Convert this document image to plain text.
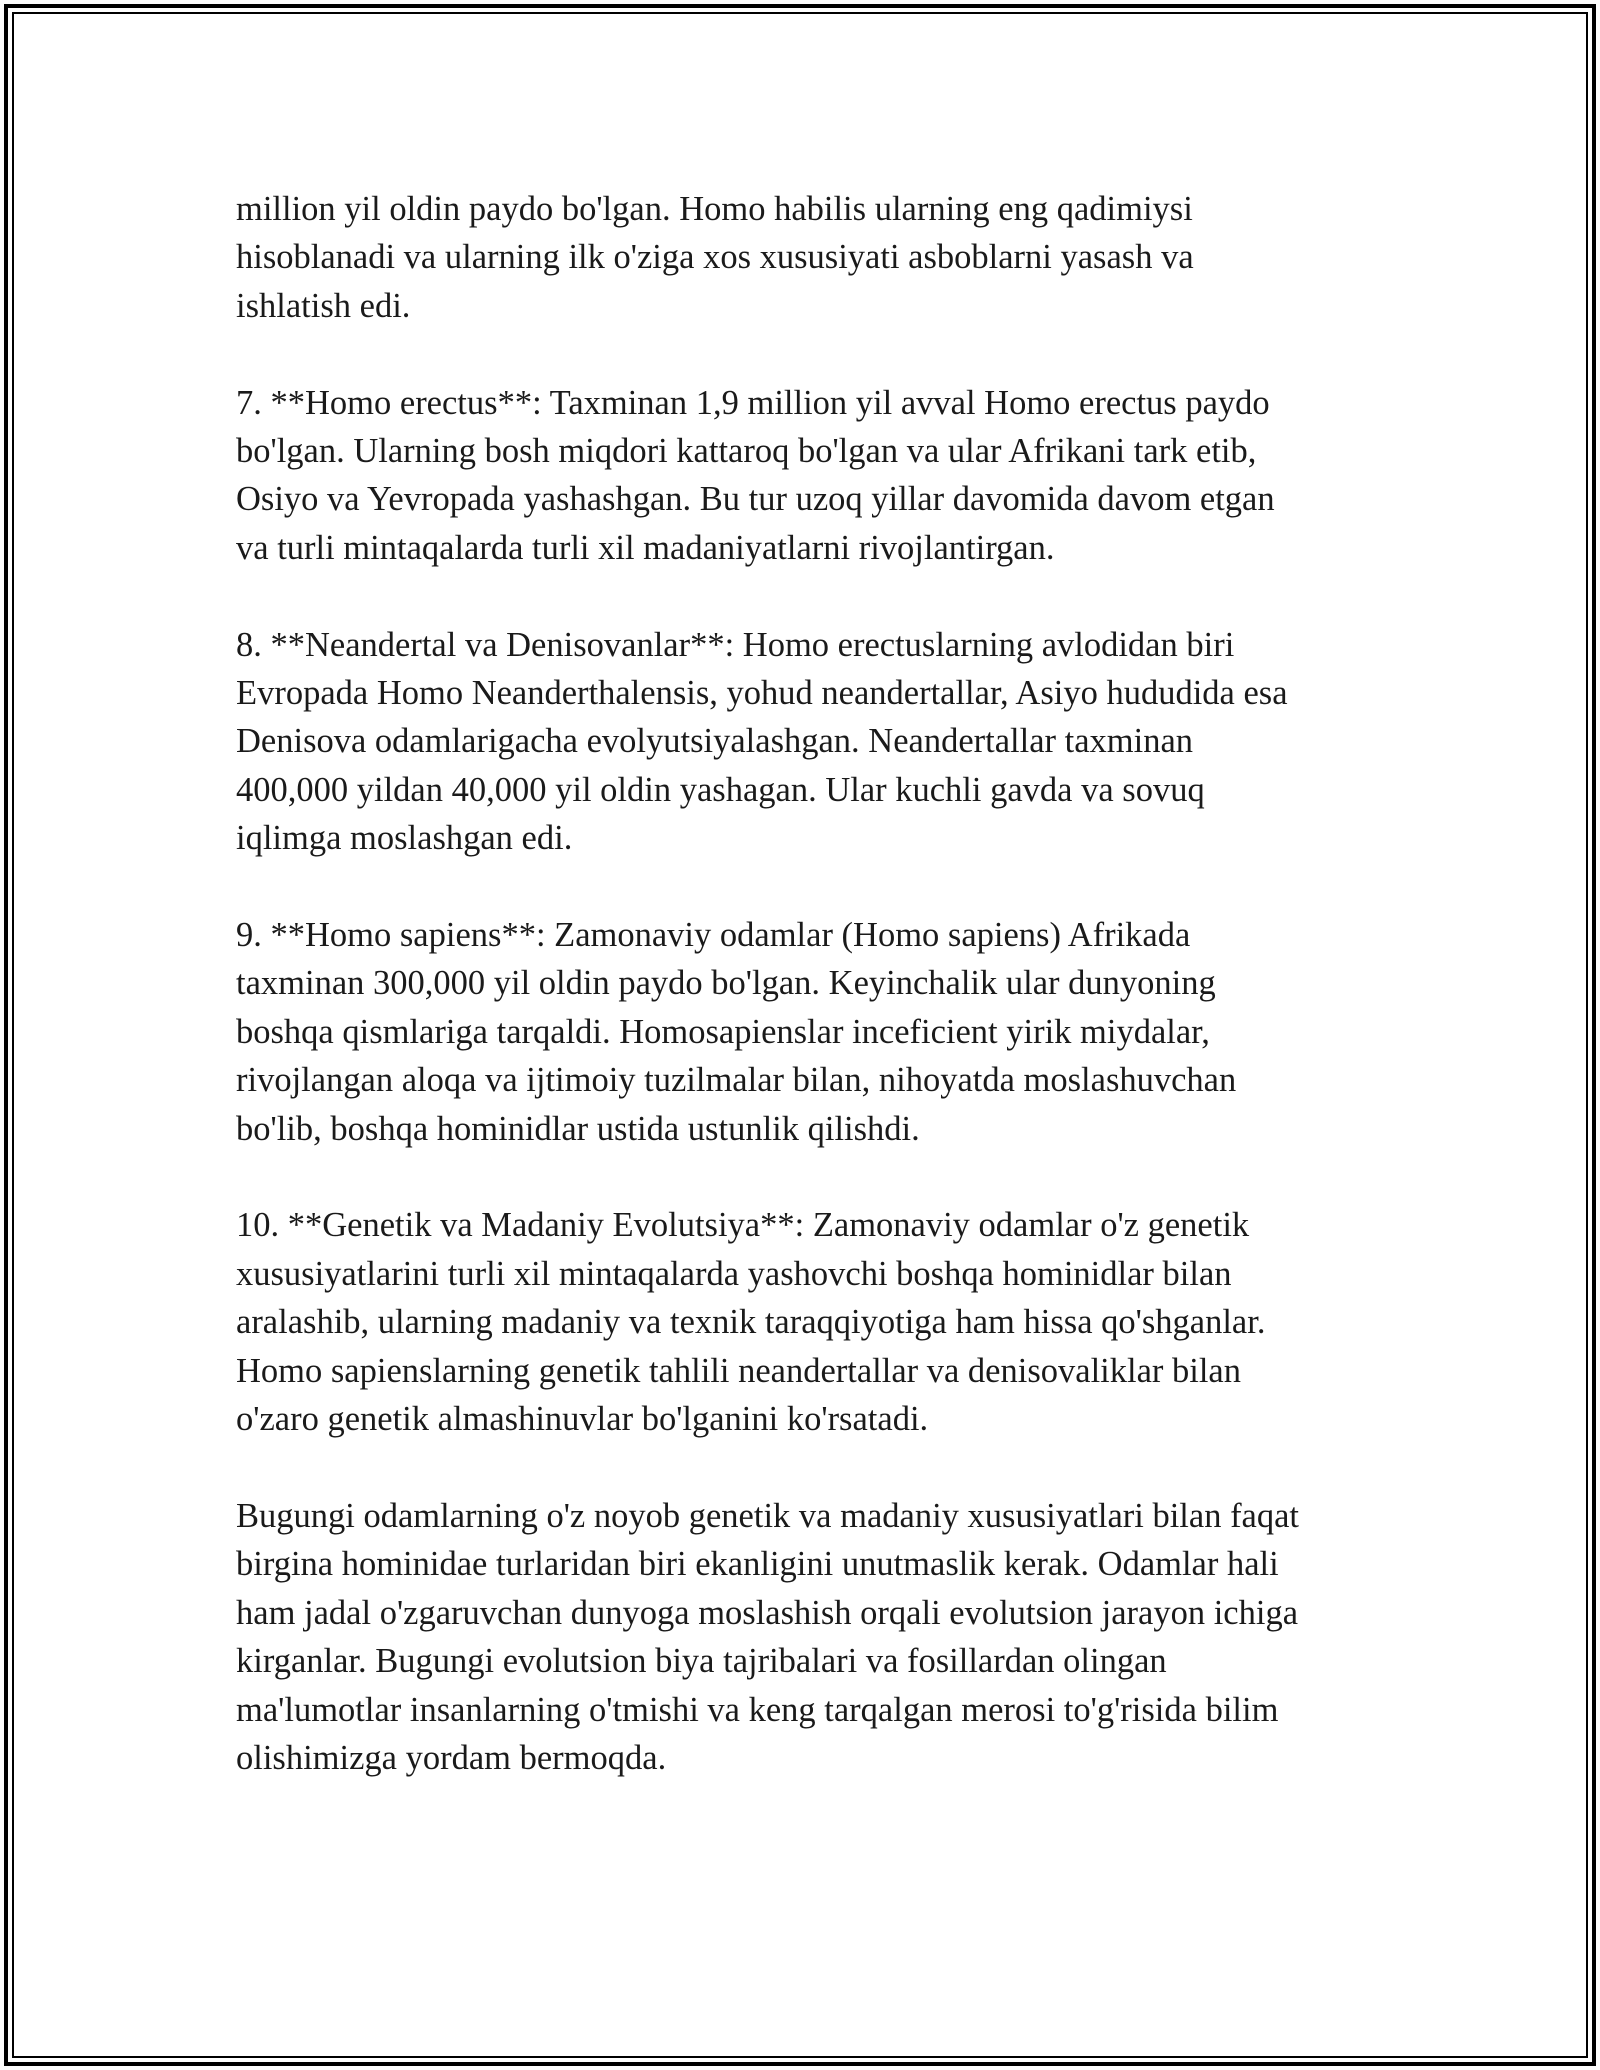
million yil oldin paydo bo'lgan. Homo habilis ularning eng qadimiysi
hisoblanadi va ularning ilk o'ziga xos xususiyati asboblarni yasash va
ishlatish edi.

7. **Homo erectus**: Taxminan 1,9 million yil avval Homo erectus paydo
bo'lgan. Ularning bosh miqdori kattaroq bo'lgan va ular Afrikani tark etib,
Osiyo va Yevropada yashashgan. Bu tur uzoq yillar davomida davom etgan
va turli mintaqalarda turli xil madaniyatlarni rivojlantirgan.

8. **Neandertal va Denisovanlar**: Homo erectuslarning avlodidan biri
Evropada Homo Neanderthalensis, yohud neandertallar, Asiyo hududida esa
Denisova odamlarigacha evolyutsiyalashgan. Neandertallar taxminan
400,000 yildan 40,000 yil oldin yashagan. Ular kuchli gavda va sovuq
iqlimga moslashgan edi.

9. **Homo sapiens**: Zamonaviy odamlar (Homo sapiens) Afrikada
taxminan 300,000 yil oldin paydo bo'lgan. Keyinchalik ular dunyoning
boshqa qismlariga tarqaldi. Homosapienslar inceficient yirik miydalar,
rivojlangan aloqa va ijtimoiy tuzilmalar bilan, nihoyatda moslashuvchan
bo'lib, boshqa hominidlar ustida ustunlik qilishdi.

10. **Genetik va Madaniy Evolutsiya**: Zamonaviy odamlar o'z genetik
xususiyatlarini turli xil mintaqalarda yashovchi boshqa hominidlar bilan
aralashib, ularning madaniy va texnik taraqqiyotiga ham hissa qo'shganlar.
Homo sapienslarning genetik tahlili neandertallar va denisovaliklar bilan
o'zaro genetik almashinuvlar bo'lganini ko'rsatadi.

Bugungi odamlarning o'z noyob genetik va madaniy xususiyatlari bilan faqat
birgina hominidae turlaridan biri ekanligini unutmaslik kerak. Odamlar hali
ham jadal o'zgaruvchan dunyoga moslashish orqali evolutsion jarayon ichiga
kirganlar. Bugungi evolutsion biya tajribalari va fosillardan olingan
ma'lumotlar insanlarning o'tmishi va keng tarqalgan merosi to'g'risida bilim
olishimizga yordam bermoqda.
